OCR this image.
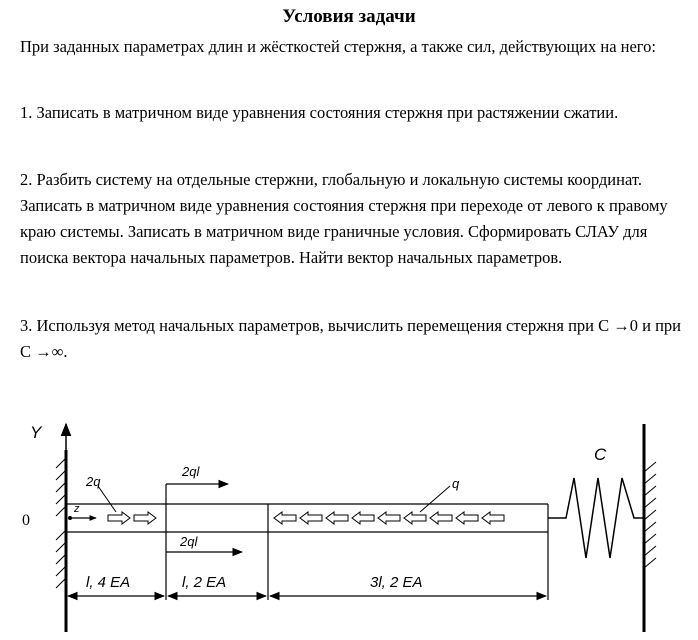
Условия задачи

При заданных параметрах длин и жёсткостей стержня, а также сил, действующих на него:

1. Записать в матричном виде уравнения состояния стержня при растяжении сжатии.

2. Разбить систему на отдельные стержни, глобальную и локальную системы координат. Записать в матричном виде уравнения состояния стержня при переходе от левого к правому краю системы. Записать в матричном виде граничные условия. Сформировать СЛАУ для поиска вектора начальных параметров. Найти вектор начальных параметров.

3. Используя метод начальных параметров, вычислить перемещения стержня при C →0 и при C →∞.

Y
0
z
2q
2ql
2ql
q
C
l, 4 EA	l, 2 EA	3l, 2 EA
